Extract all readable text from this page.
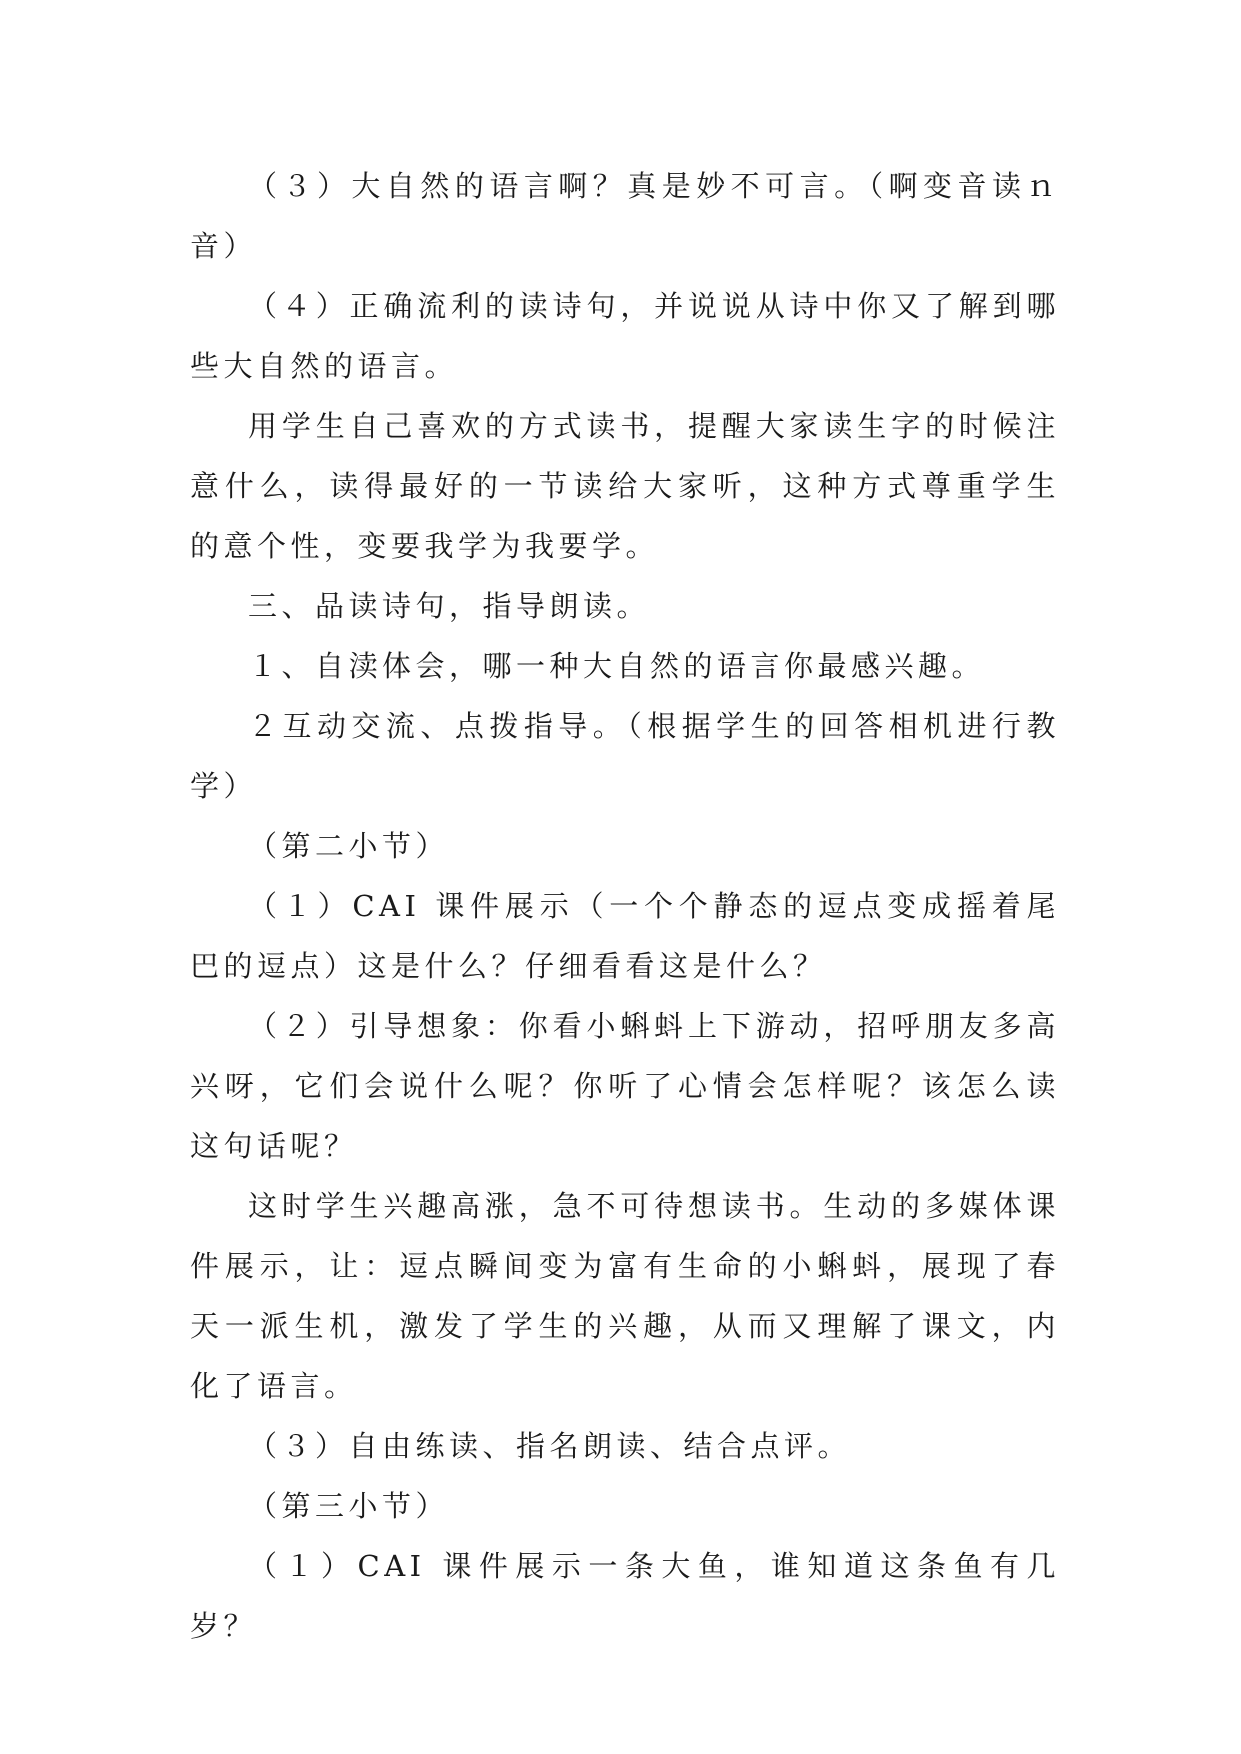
（３）大自然的语言啊？真是妙不可言。（啊变音读ｎ音）

（４）正确流利的读诗句，并说说从诗中你又了解到哪些大自然的语言。

用学生自己喜欢的方式读书，提醒大家读生字的时候注意什么，读得最好的一节读给大家听，这种方式尊重学生的意个性，变要我学为我要学。

三、品读诗句，指导朗读。

１、自渎体会，哪一种大自然的语言你最感兴趣。

２互动交流、点拨指导。（根据学生的回答相机进行教学）

（第二小节）

（１）CAI 课件展示（一个个静态的逗点变成摇着尾巴的逗点）这是什么？仔细看看这是什么？

（２）引导想象：你看小蝌蚪上下游动，招呼朋友多高兴呀，它们会说什么呢？你听了心情会怎样呢？该怎么读这句话呢？

这时学生兴趣高涨，急不可待想读书。生动的多媒体课件展示，让：逗点瞬间变为富有生命的小蝌蚪，展现了春天一派生机，激发了学生的兴趣，从而又理解了课文，内化了语言。

（３）自由练读、指名朗读、结合点评。

（第三小节）

（１）CAI 课件展示一条大鱼，谁知道这条鱼有几岁？
